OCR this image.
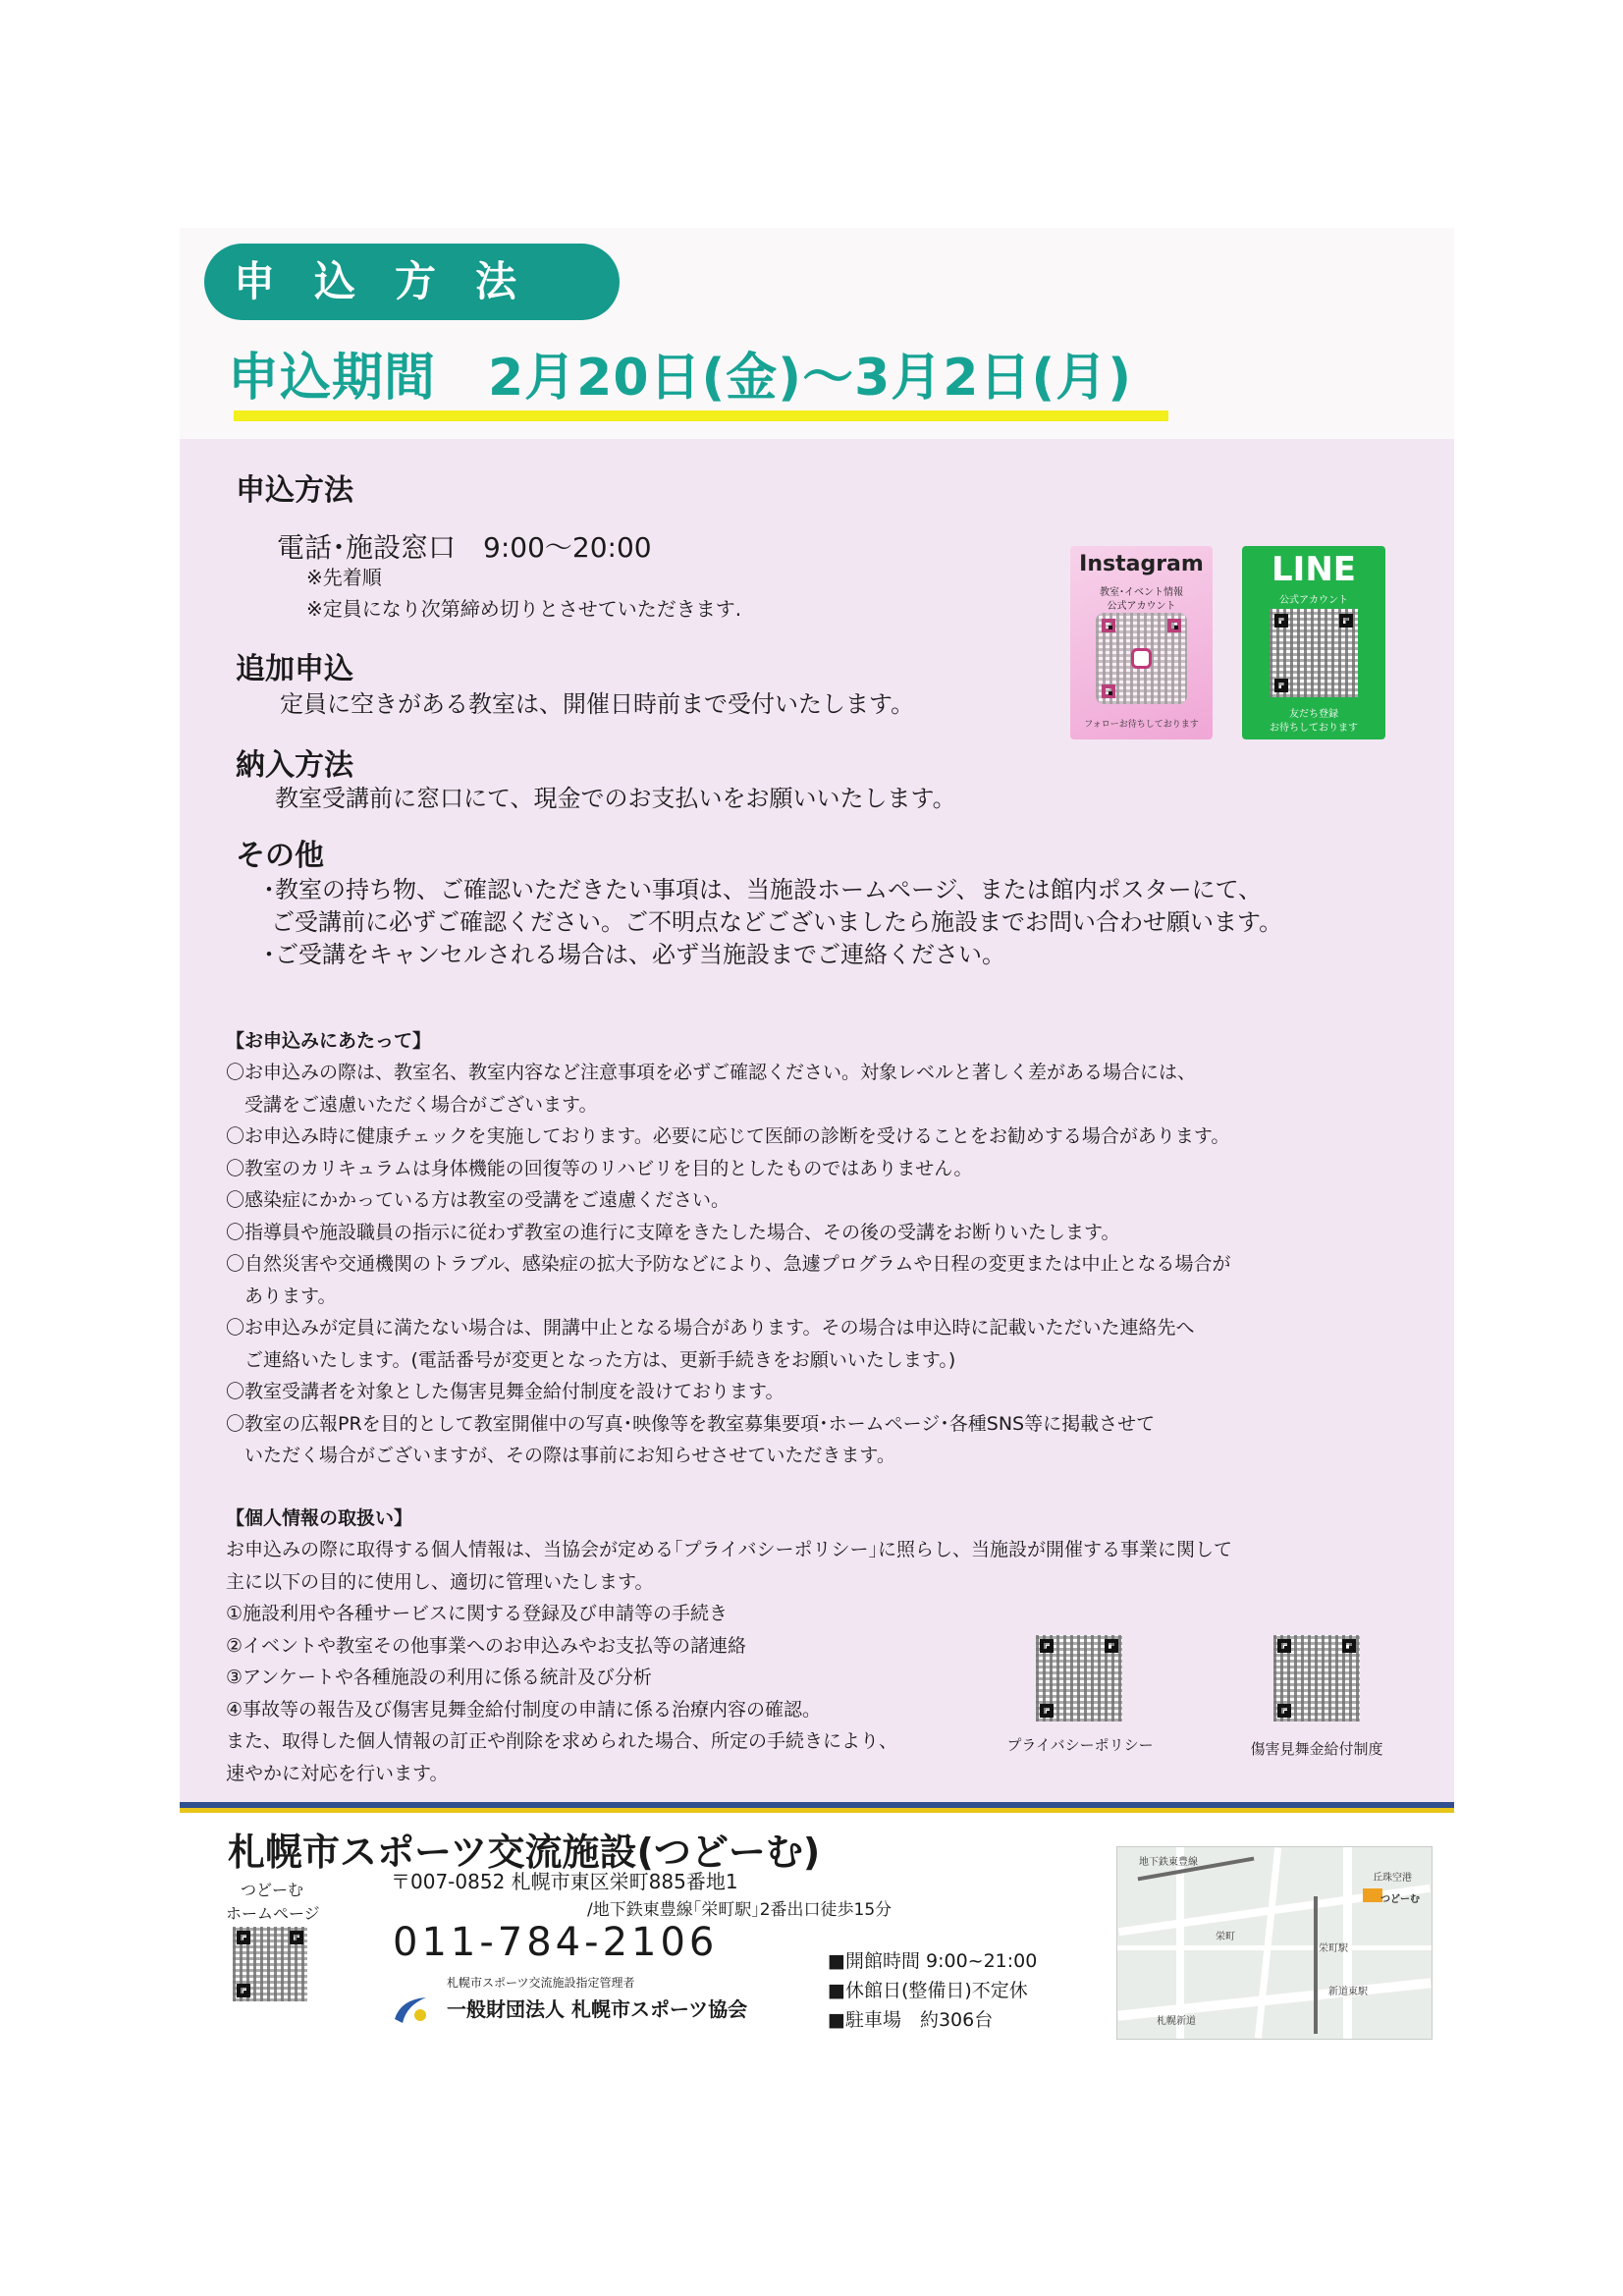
申込方法
申込期間　2月20日(金)～3月2日(月)
申込方法
電話･施設窓口　9:00～20:00
※先着順
※定員になり次第締め切りとさせていただきます.
追加申込
定員に空きがある教室は、開催日時前まで受付いたします。
納入方法
教室受講前に窓口にて、現金でのお支払いをお願いいたします。
その他
･教室の持ち物、ご確認いただきたい事項は、当施設ホームページ、または館内ポスターにて、
ご受講前に必ずご確認ください。ご不明点などございましたら施設までお問い合わせ願います。
･ご受講をキャンセルされる場合は、必ず当施設までご連絡ください。
Instagram
教室･イベント情報
公式アカウント
フォローお待ちしております
LINE
公式アカウント
友だち登録
お待ちしております
【お申込みにあたって】
〇お申込みの際は、教室名、教室内容など注意事項を必ずご確認ください。対象レベルと著しく差がある場合には、
　受講をご遠慮いただく場合がございます。
〇お申込み時に健康チェックを実施しております。必要に応じて医師の診断を受けることをお勧めする場合があります。
〇教室のカリキュラムは身体機能の回復等のリハビリを目的としたものではありません。
〇感染症にかかっている方は教室の受講をご遠慮ください。
〇指導員や施設職員の指示に従わず教室の進行に支障をきたした場合、その後の受講をお断りいたします。
〇自然災害や交通機関のトラブル、感染症の拡大予防などにより、急遽プログラムや日程の変更または中止となる場合が
　あります。
〇お申込みが定員に満たない場合は、開講中止となる場合があります。その場合は申込時に記載いただいた連絡先へ
　ご連絡いたします。(電話番号が変更となった方は、更新手続きをお願いいたします。)
〇教室受講者を対象とした傷害見舞金給付制度を設けております。
〇教室の広報PRを目的として教室開催中の写真･映像等を教室募集要項･ホームページ･各種SNS等に掲載させて
　いただく場合がございますが、その際は事前にお知らせさせていただきます。
【個人情報の取扱い】
お申込みの際に取得する個人情報は、当協会が定める｢プライバシーポリシー｣に照らし、当施設が開催する事業に関して
主に以下の目的に使用し、適切に管理いたします。
①施設利用や各種サービスに関する登録及び申請等の手続き
②イベントや教室その他事業へのお申込みやお支払等の諸連絡
③アンケートや各種施設の利用に係る統計及び分析
④事故等の報告及び傷害見舞金給付制度の申請に係る治療内容の確認。
また、取得した個人情報の訂正や削除を求められた場合、所定の手続きにより、
速やかに対応を行います。
プライバシーポリシー	傷害見舞金給付制度
札幌市スポーツ交流施設(つどーむ)
つどーむ
ホームページ
〒007-0852 札幌市東区栄町885番地1
/地下鉄東豊線｢栄町駅｣2番出口徒歩15分
011-784-2106
札幌市スポーツ交流施設指定管理者
一般財団法人 札幌市スポーツ協会
■開館時間 9:00~21:00
■休館日(整備日)不定休
■駐車場　約306台
地下鉄東豊線
栄町駅
新道東駅
つどーむ
札幌新道
丘珠空港
栄町
